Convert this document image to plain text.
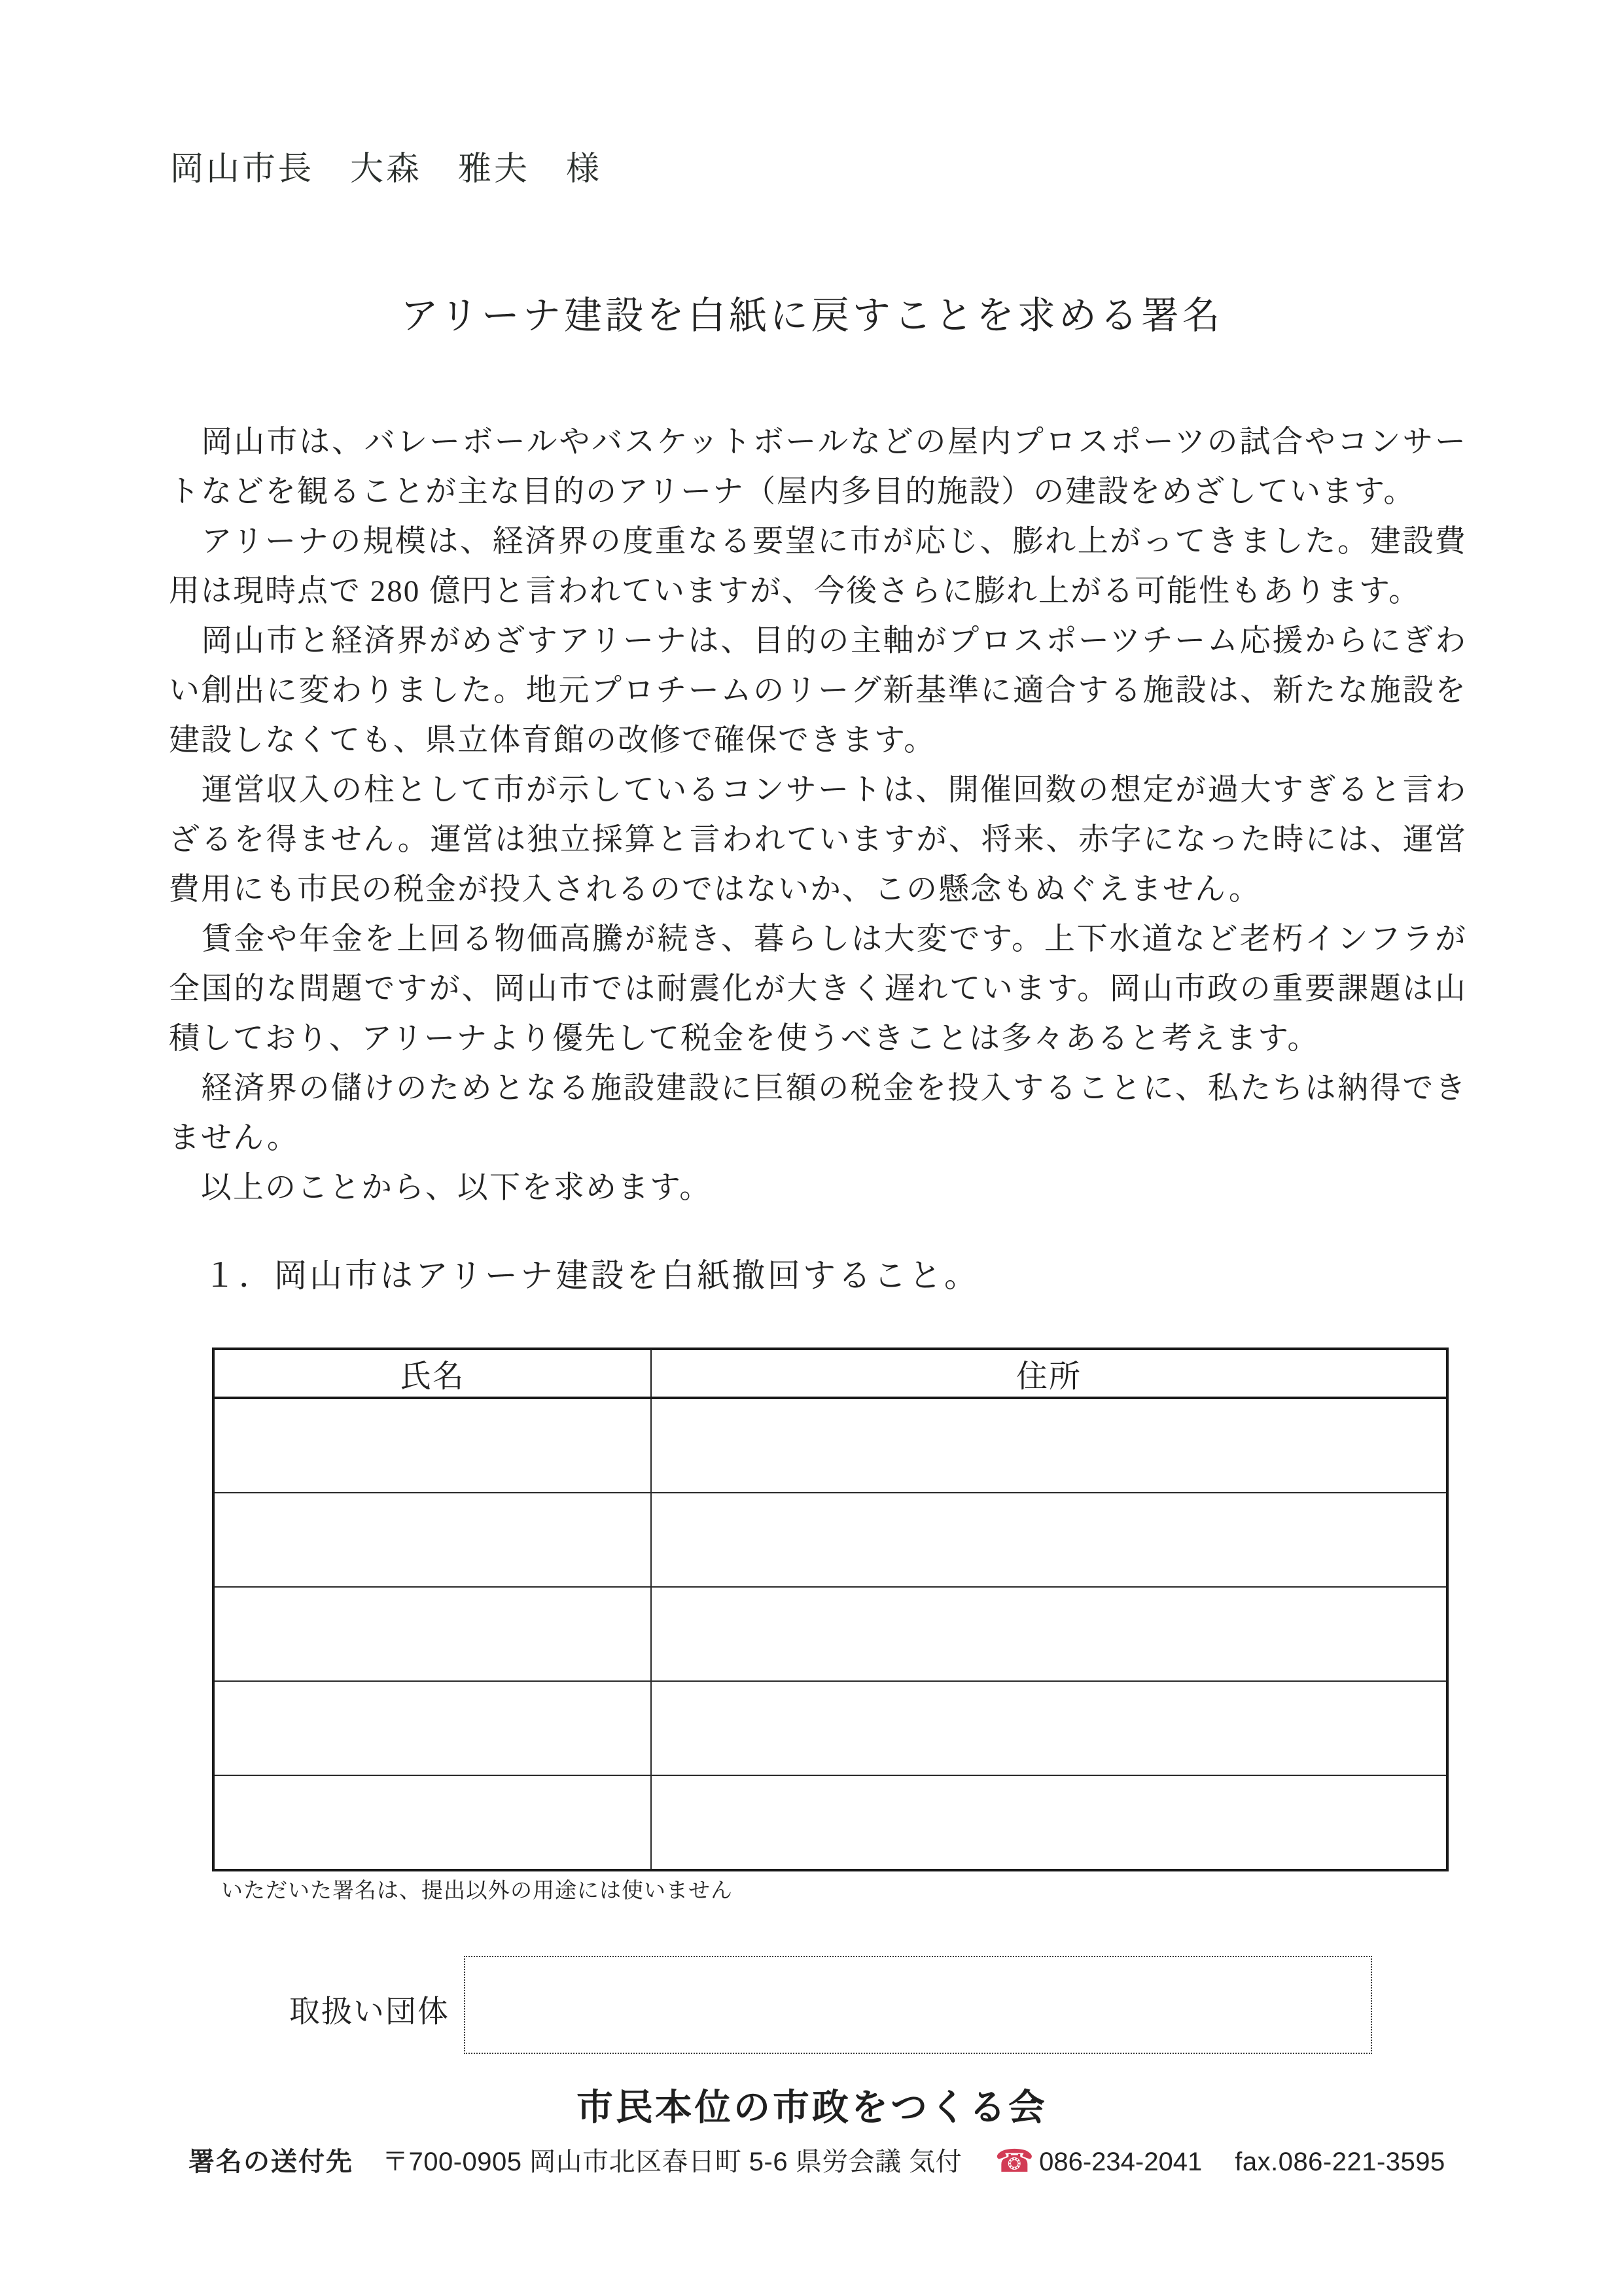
岡山市長　大森　雅夫　様
アリーナ建設を白紙に戻すことを求める署名
　岡山市は、バレーボールやバスケットボールなどの屋内プロスポーツの試合やコンサー
トなどを観ることが主な目的のアリーナ（屋内多目的施設）の建設をめざしています。
　アリーナの規模は、経済界の度重なる要望に市が応じ、膨れ上がってきました。建設費
用は現時点で 280 億円と言われていますが、今後さらに膨れ上がる可能性もあります。
　岡山市と経済界がめざすアリーナは、目的の主軸がプロスポーツチーム応援からにぎわ
い創出に変わりました。地元プロチームのリーグ新基準に適合する施設は、新たな施設を
建設しなくても、県立体育館の改修で確保できます。
　運営収入の柱として市が示しているコンサートは、開催回数の想定が過大すぎると言わ
ざるを得ません。運営は独立採算と言われていますが、将来、赤字になった時には、運営
費用にも市民の税金が投入されるのではないか、この懸念もぬぐえません。
　賃金や年金を上回る物価高騰が続き、暮らしは大変です。上下水道など老朽インフラが
全国的な問題ですが、岡山市では耐震化が大きく遅れています。岡山市政の重要課題は山
積しており、アリーナより優先して税金を使うべきことは多々あると考えます。
　経済界の儲けのためとなる施設建設に巨額の税金を投入することに、私たちは納得でき
ません。
　以上のことから、以下を求めます。
１．岡山市はアリーナ建設を白紙撤回すること。
氏名	住所

いただいた署名は、提出以外の用途には使いません
取扱い団体
市民本位の市政をつくる会
署名の送付先 〒700-0905 岡山市北区春日町 5-6 県労会議 気付 ☎ 086-234-2041 fax.086-221-3595
